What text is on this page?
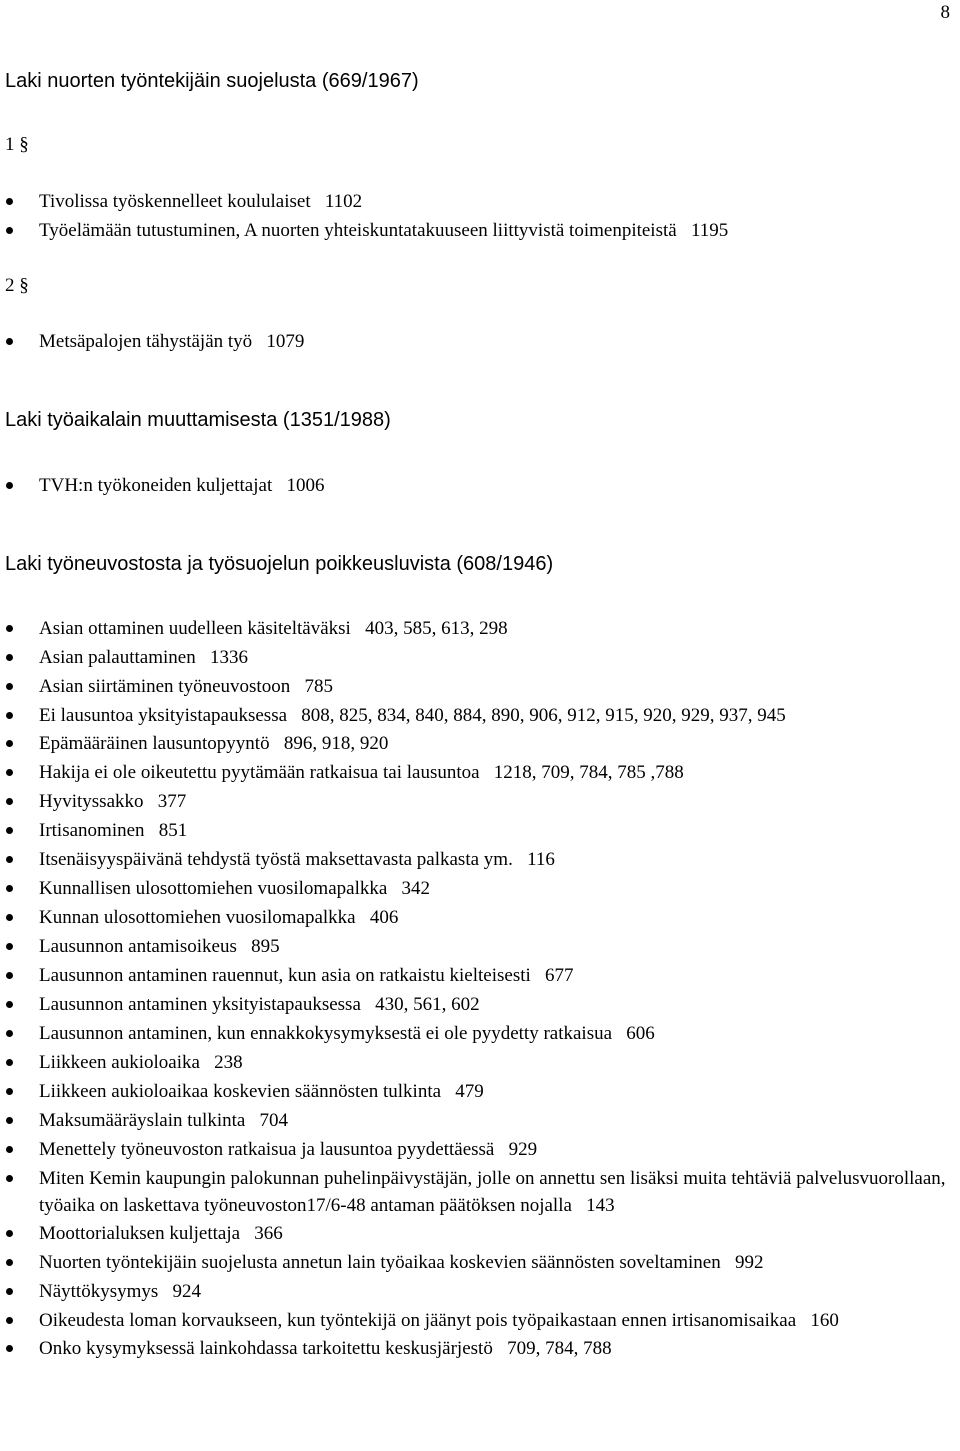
8
Laki nuorten työntekijäin suojelusta (669/1967)
1 §
Tivolissa työskennelleet koululaiset   1102
Työelämään tutustuminen, A nuorten yhteiskuntatakuuseen liittyvistä toimenpiteistä   1195
2 §
Metsäpalojen tähystäjän työ   1079
Laki työaikalain muuttamisesta (1351/1988)
TVH:n työkoneiden kuljettajat   1006
Laki työneuvostosta ja työsuojelun poikkeusluvista (608/1946)
Asian ottaminen uudelleen käsiteltäväksi   403, 585, 613, 298
Asian palauttaminen   1336
Asian siirtäminen työneuvostoon   785
Ei lausuntoa yksityistapauksessa   808, 825, 834, 840, 884, 890, 906, 912, 915, 920, 929, 937, 945
Epämääräinen lausuntopyyntö   896, 918, 920
Hakija ei ole oikeutettu pyytämään ratkaisua tai lausuntoa   1218, 709, 784, 785 ,788
Hyvityssakko   377
Irtisanominen   851
Itsenäisyyspäivänä tehdystä työstä maksettavasta palkasta ym.   116
Kunnallisen ulosottomiehen vuosilomapalkka   342
Kunnan ulosottomiehen vuosilomapalkka   406
Lausunnon antamisoikeus   895
Lausunnon antaminen rauennut, kun asia on ratkaistu kielteisesti   677
Lausunnon antaminen yksityistapauksessa   430, 561, 602
Lausunnon antaminen, kun ennakkokysymyksestä ei ole pyydetty ratkaisua   606
Liikkeen aukioloaika   238
Liikkeen aukioloaikaa koskevien säännösten tulkinta   479
Maksumääräyslain tulkinta   704
Menettely työneuvoston ratkaisua ja lausuntoa pyydettäessä   929
Miten Kemin kaupungin palokunnan puhelinpäivystäjän, jolle on annettu sen lisäksi muita tehtäviä palvelusvuorollaan, työaika on laskettava työneuvoston17/6-48 antaman päätöksen nojalla   143
Moottorialuksen kuljettaja   366
Nuorten työntekijäin suojelusta annetun lain työaikaa koskevien säännösten soveltaminen   992
Näyttökysymys   924
Oikeudesta loman korvaukseen, kun työntekijä on jäänyt pois työpaikastaan ennen irtisanomisaikaa   160
Onko kysymyksessä lainkohdassa tarkoitettu keskusjärjestö   709, 784, 788
